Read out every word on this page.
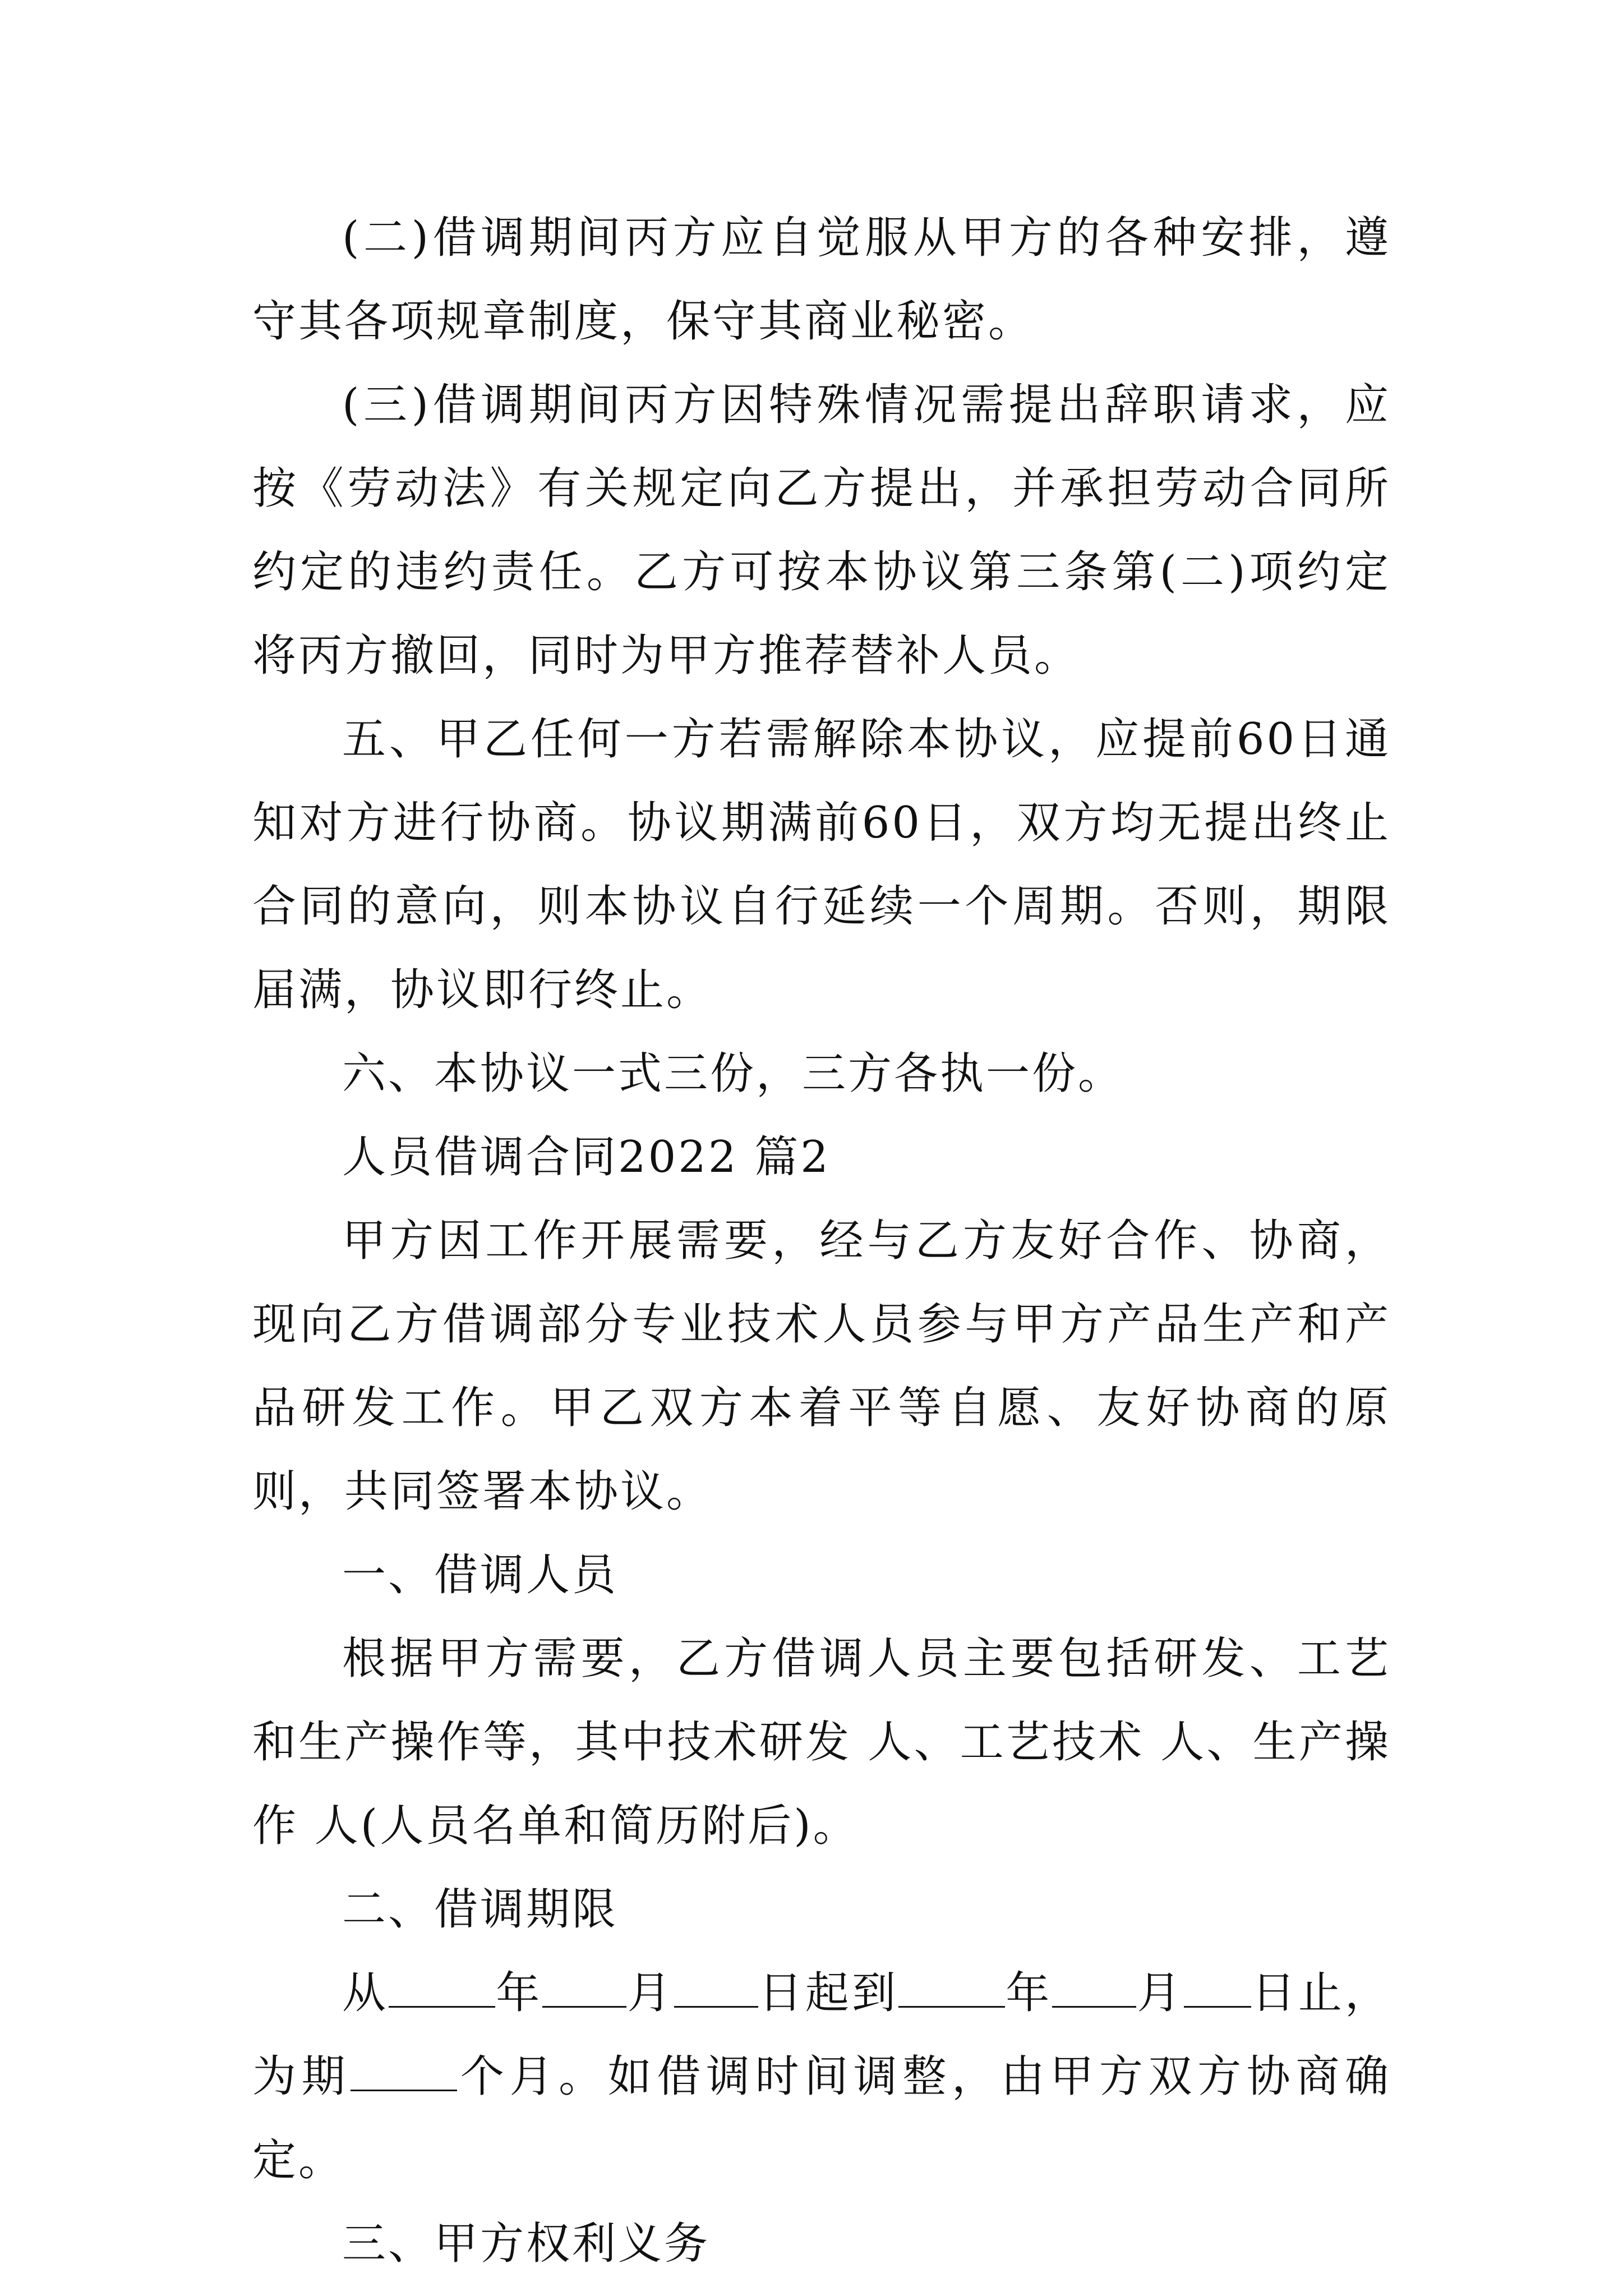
(二)借调期间丙方应自觉服从甲方的各种安排，遵守其各项规章制度，保守其商业秘密。

(三)借调期间丙方因特殊情况需提出辞职请求，应按《劳动法》有关规定向乙方提出，并承担劳动合同所约定的违约责任。乙方可按本协议第三条第(二)项约定将丙方撤回，同时为甲方推荐替补人员。

五、甲乙任何一方若需解除本协议，应提前60日通知对方进行协商。协议期满前60日，双方均无提出终止合同的意向，则本协议自行延续一个周期。否则，期限届满，协议即行终止。

六、本协议一式三份，三方各执一份。

人员借调合同2022 篇2

甲方因工作开展需要，经与乙方友好合作、协商，现向乙方借调部分专业技术人员参与甲方产品生产和产品研发工作。甲乙双方本着平等自愿、友好协商的原则，共同签署本协议。

一、借调人员

根据甲方需要，乙方借调人员主要包括研发、工艺和生产操作等，其中技术研发 人、工艺技术 人、生产操作 人(人员名单和简历附后)。

二、借调期限

从 年 月 日起到 年 月 日止，为期 个月。如借调时间调整，由甲方双方协商确定。

三、甲方权利义务
